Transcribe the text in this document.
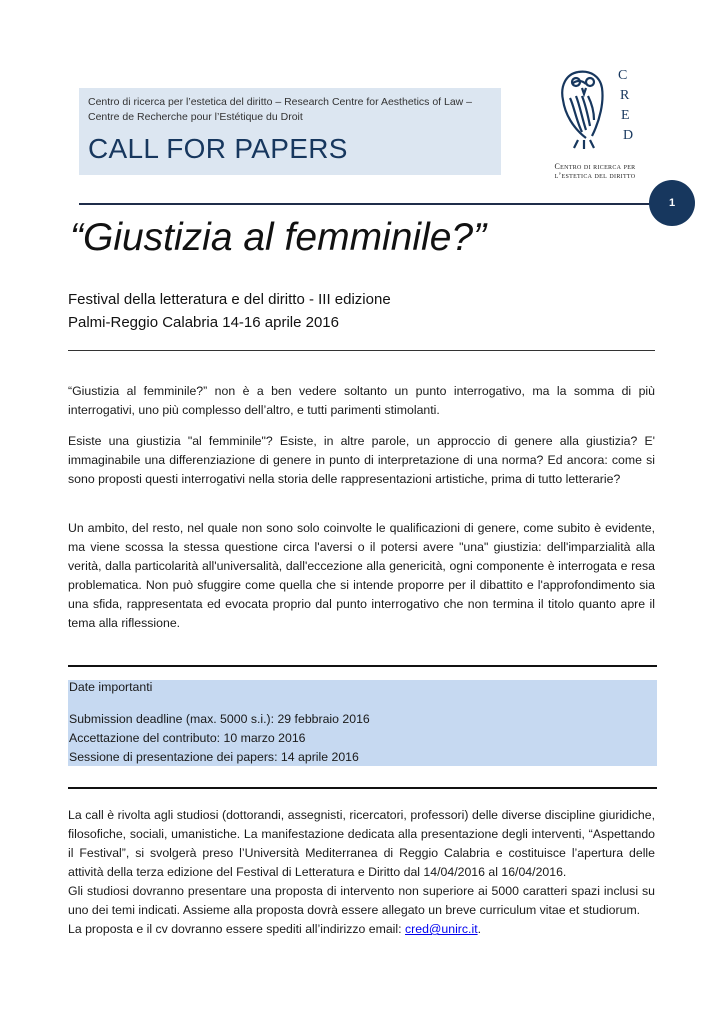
Centro di ricerca per l’estetica del diritto – Research Centre for Aesthetics of Law – Centre de Recherche pour l’Estétique du Droit
CALL FOR PAPERS
C
R
E
D
Centro di ricerca per
l’estetica del diritto
1
“Giustizia al femminile?”
Festival della letteratura e del diritto - III edizione
Palmi-Reggio Calabria 14-16 aprile 2016
“Giustizia al femminile?” non è a ben vedere soltanto un punto interrogativo, ma la somma di più interrogativi, uno più complesso dell’altro, e tutti parimenti stimolanti.
Esiste una giustizia "al femminile"? Esiste, in altre parole, un approccio di genere alla giustizia? E' immaginabile una differenziazione di genere in punto di interpretazione di una norma? Ed ancora: come si sono proposti questi interrogativi nella storia delle rappresentazioni artistiche, prima di tutto letterarie?
Un ambito, del resto, nel quale non sono solo coinvolte le qualificazioni di genere, come subito è evidente, ma viene scossa la stessa questione circa l'aversi o il potersi avere "una" giustizia: dell'imparzialità alla verità, dalla particolarità all'universalità, dall'eccezione alla genericità, ogni componente è interrogata e resa problematica. Non può sfuggire come quella che si intende proporre per il dibattito e l'approfondimento sia una sfida, rappresentata ed evocata proprio dal punto interrogativo che non termina il titolo quanto apre il tema alla riflessione.
Date importanti
Submission deadline (max. 5000 s.i.): 29 febbraio 2016
Accettazione del contributo: 10 marzo 2016
Sessione di presentazione dei papers: 14 aprile 2016
La call è rivolta agli studiosi (dottorandi, assegnisti, ricercatori, professori) delle diverse discipline giuridiche, filosofiche, sociali, umanistiche. La manifestazione dedicata alla presentazione degli interventi, “Aspettando il Festival”, si svolgerà preso l’Università Mediterranea di Reggio Calabria e costituisce l’apertura delle attività della terza edizione del Festival di Letteratura e Diritto dal 14/04/2016 al 16/04/2016.
Gli studiosi dovranno presentare una proposta di intervento non superiore ai 5000 caratteri spazi inclusi su uno dei temi indicati. Assieme alla proposta dovrà essere allegato un breve curriculum vitae et studiorum.
La proposta e il cv dovranno essere spediti all’indirizzo email: cred@unirc.it.
